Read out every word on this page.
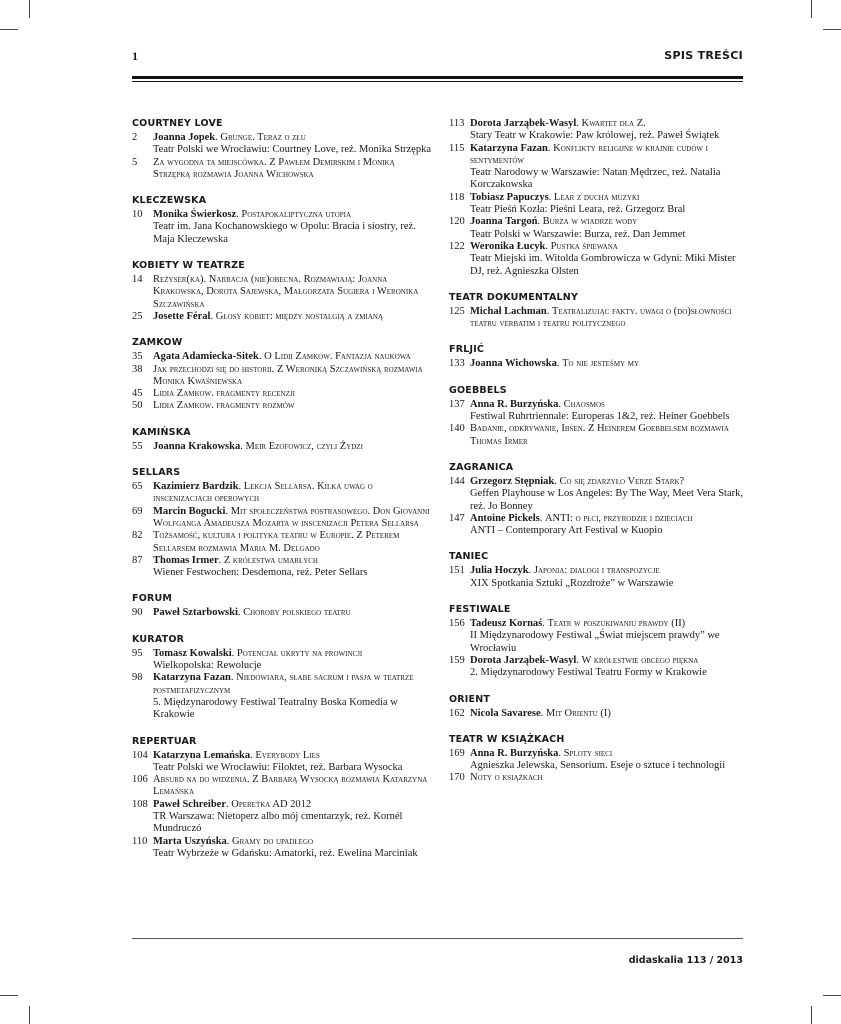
1	SPIS TREŚCI
COURTNEY LOVE
2	Joanna Jopek. Grunge. Teraz o złu
Teatr Polski we Wrocławiu: Courtney Love, reż. Monika Strzępka
5	Za wygodna ta miejscówka. Z Pawłem Demirskim i Moniką Strzępką rozmawia Joanna Wichowska
KLECZEWSKA
10	Monika Świerkosz. Postapokaliptyczna utopia
Teatr im. Jana Kochanowskiego w Opolu: Bracia i siostry, reż. Maja Kleczewska
KOBIETY W TEATRZE
14	Reżyser(ka). Narracja (nie)obecna. Rozmawiają: Joanna Krakowska, Dorota Sajewska, Małgorzata Sugiera i Weronika Szczawińska
25	Josette Féral. Głosy kobiet: między nostalgią a zmianą
ZAMKOW
35	Agata Adamiecka-Sitek. O Lidii Zamkow. Fantazja naukowa
38	Jak przechodzi się do historii. Z Weroniką Szczawińską rozmawia Monika Kwaśniewska
45	Lidia Zamkow. fragmenty recenzji
50	Lidia Zamkow. fragmenty rozmów
KAMIŃSKA
55	Joanna Krakowska. Meir Ezofowicz, czyli Żydzi
SELLARS
65	Kazimierz Bardzik. Lekcja Sellarsa. Kilka uwag o inscenizacjach operowych
69	Marcin Bogucki. Mit społeczeństwa postrasowego. Don Giovanni Wolfganga Amadeusza Mozarta w inscenizacji Petera Sellarsa
82	Tożsamość, kultura i polityka teatru w Europie. Z Peterem Sellarsem rozmawia Maria M. Delgado
87	Thomas Irmer. Z królestwa umarłych
Wiener Festwochen: Desdemona, reż. Peter Sellars
FORUM
90	Paweł Sztarbowski. Choroby polskiego teatru
KURATOR
95	Tomasz Kowalski. Potencjał ukryty na prowincji
Wielkopolska: Rewolucje
98	Katarzyna Fazan. Niedowiara, słabe sacrum i pasja w teatrze postmetafizycznym
5. Międzynarodowy Festiwal Teatralny Boska Komedia w Krakowie
REPERTUAR
104 Katarzyna Lemańska. Everybody Lies
Teatr Polski we Wrocławiu: Filoktet, reż. Barbara Wysocka
106 Absurd na do widzenia. Z Barbarą Wysocką rozmawia Katarzyna Lemańska
108 Paweł Schreiber. Operetka AD 2012
TR Warszawa: Nietoperz albo mój cmentarzyk, reż. Kornél Mundruczó
110 Marta Uszyńska. Gramy do upadłego
Teatr Wybrzeże w Gdańsku: Amatorki, reż. Ewelina Marciniak
113 Dorota Jarząbek-Wasyl. Kwartet dla Z.
Stary Teatr w Krakowie: Paw królowej, reż. Paweł Świątek
115 Katarzyna Fazan. Konflikty religijne w krainie cudów i sentymentów
Teatr Narodowy w Warszawie: Natan Mędrzec, reż. Natalia Korczakowska
118 Tobiasz Papuczys. Lear z ducha muzyki
Teatr Pieśń Kozła: Pieśni Leara, reż. Grzegorz Bral
120 Joanna Targoń. Burza w wiadrze wody
Teatr Polski w Warszawie: Burza, reż. Dan Jemmet
122 Weronika Łucyk. Pustka śpiewana
Teatr Miejski im. Witolda Gombrowicza w Gdyni: Miki Mister DJ, reż. Agnieszka Olsten
TEATR DOKUMENTALNY
125 Michał Lachman. Teatralizując fakty. uwagi o (do)słowności teatru verbatim i teatru politycznego
FRLJIĆ
133 Joanna Wichowska. To nie jesteśmy my
GOEBBELS
137 Anna R. Burzyńska. Chaosmos
Festiwal Ruhrtriennale: Europeras 1&2, reż. Heiner Goebbels
140 Badanie, odkrywanie, Ibsen. Z Heinerem Goebbelsem rozmawia Thomas Irmer
ZAGRANICA
144 Grzegorz Stępniak. Co się zdarzyło Verze Stark?
Geffen Playhouse w Los Angeles: By The Way, Meet Vera Stark, reż. Jo Bonney
147 Antoine Pickels. ANTI: o płci, przyrodzie i dzieciach
ANTI – Contemporary Art Festival w Kuopio
TANIEC
151 Julia Hoczyk. Japonia: dialogi i transpozycje
XIX Spotkania Sztuki „Rozdroże” w Warszawie
FESTIWALE
156 Tadeusz Kornaś. Teatr w poszukiwaniu prawdy (II)
II Międzynarodowy Festiwal „Świat miejscem prawdy” we Wrocławiu
159 Dorota Jarząbek-Wasyl. W królestwie obcego piękna
2. Międzynarodowy Festiwal Teatru Formy w Krakowie
ORIENT
162 Nicola Savarese. Mit Orientu (I)
TEATR W KSIĄŻKACH
169 Anna R. Burzyńska. Sploty sieci
Agnieszka Jelewska, Sensorium. Eseje o sztuce i technologii
170 Noty o książkach
didaskalia 113 / 2013
